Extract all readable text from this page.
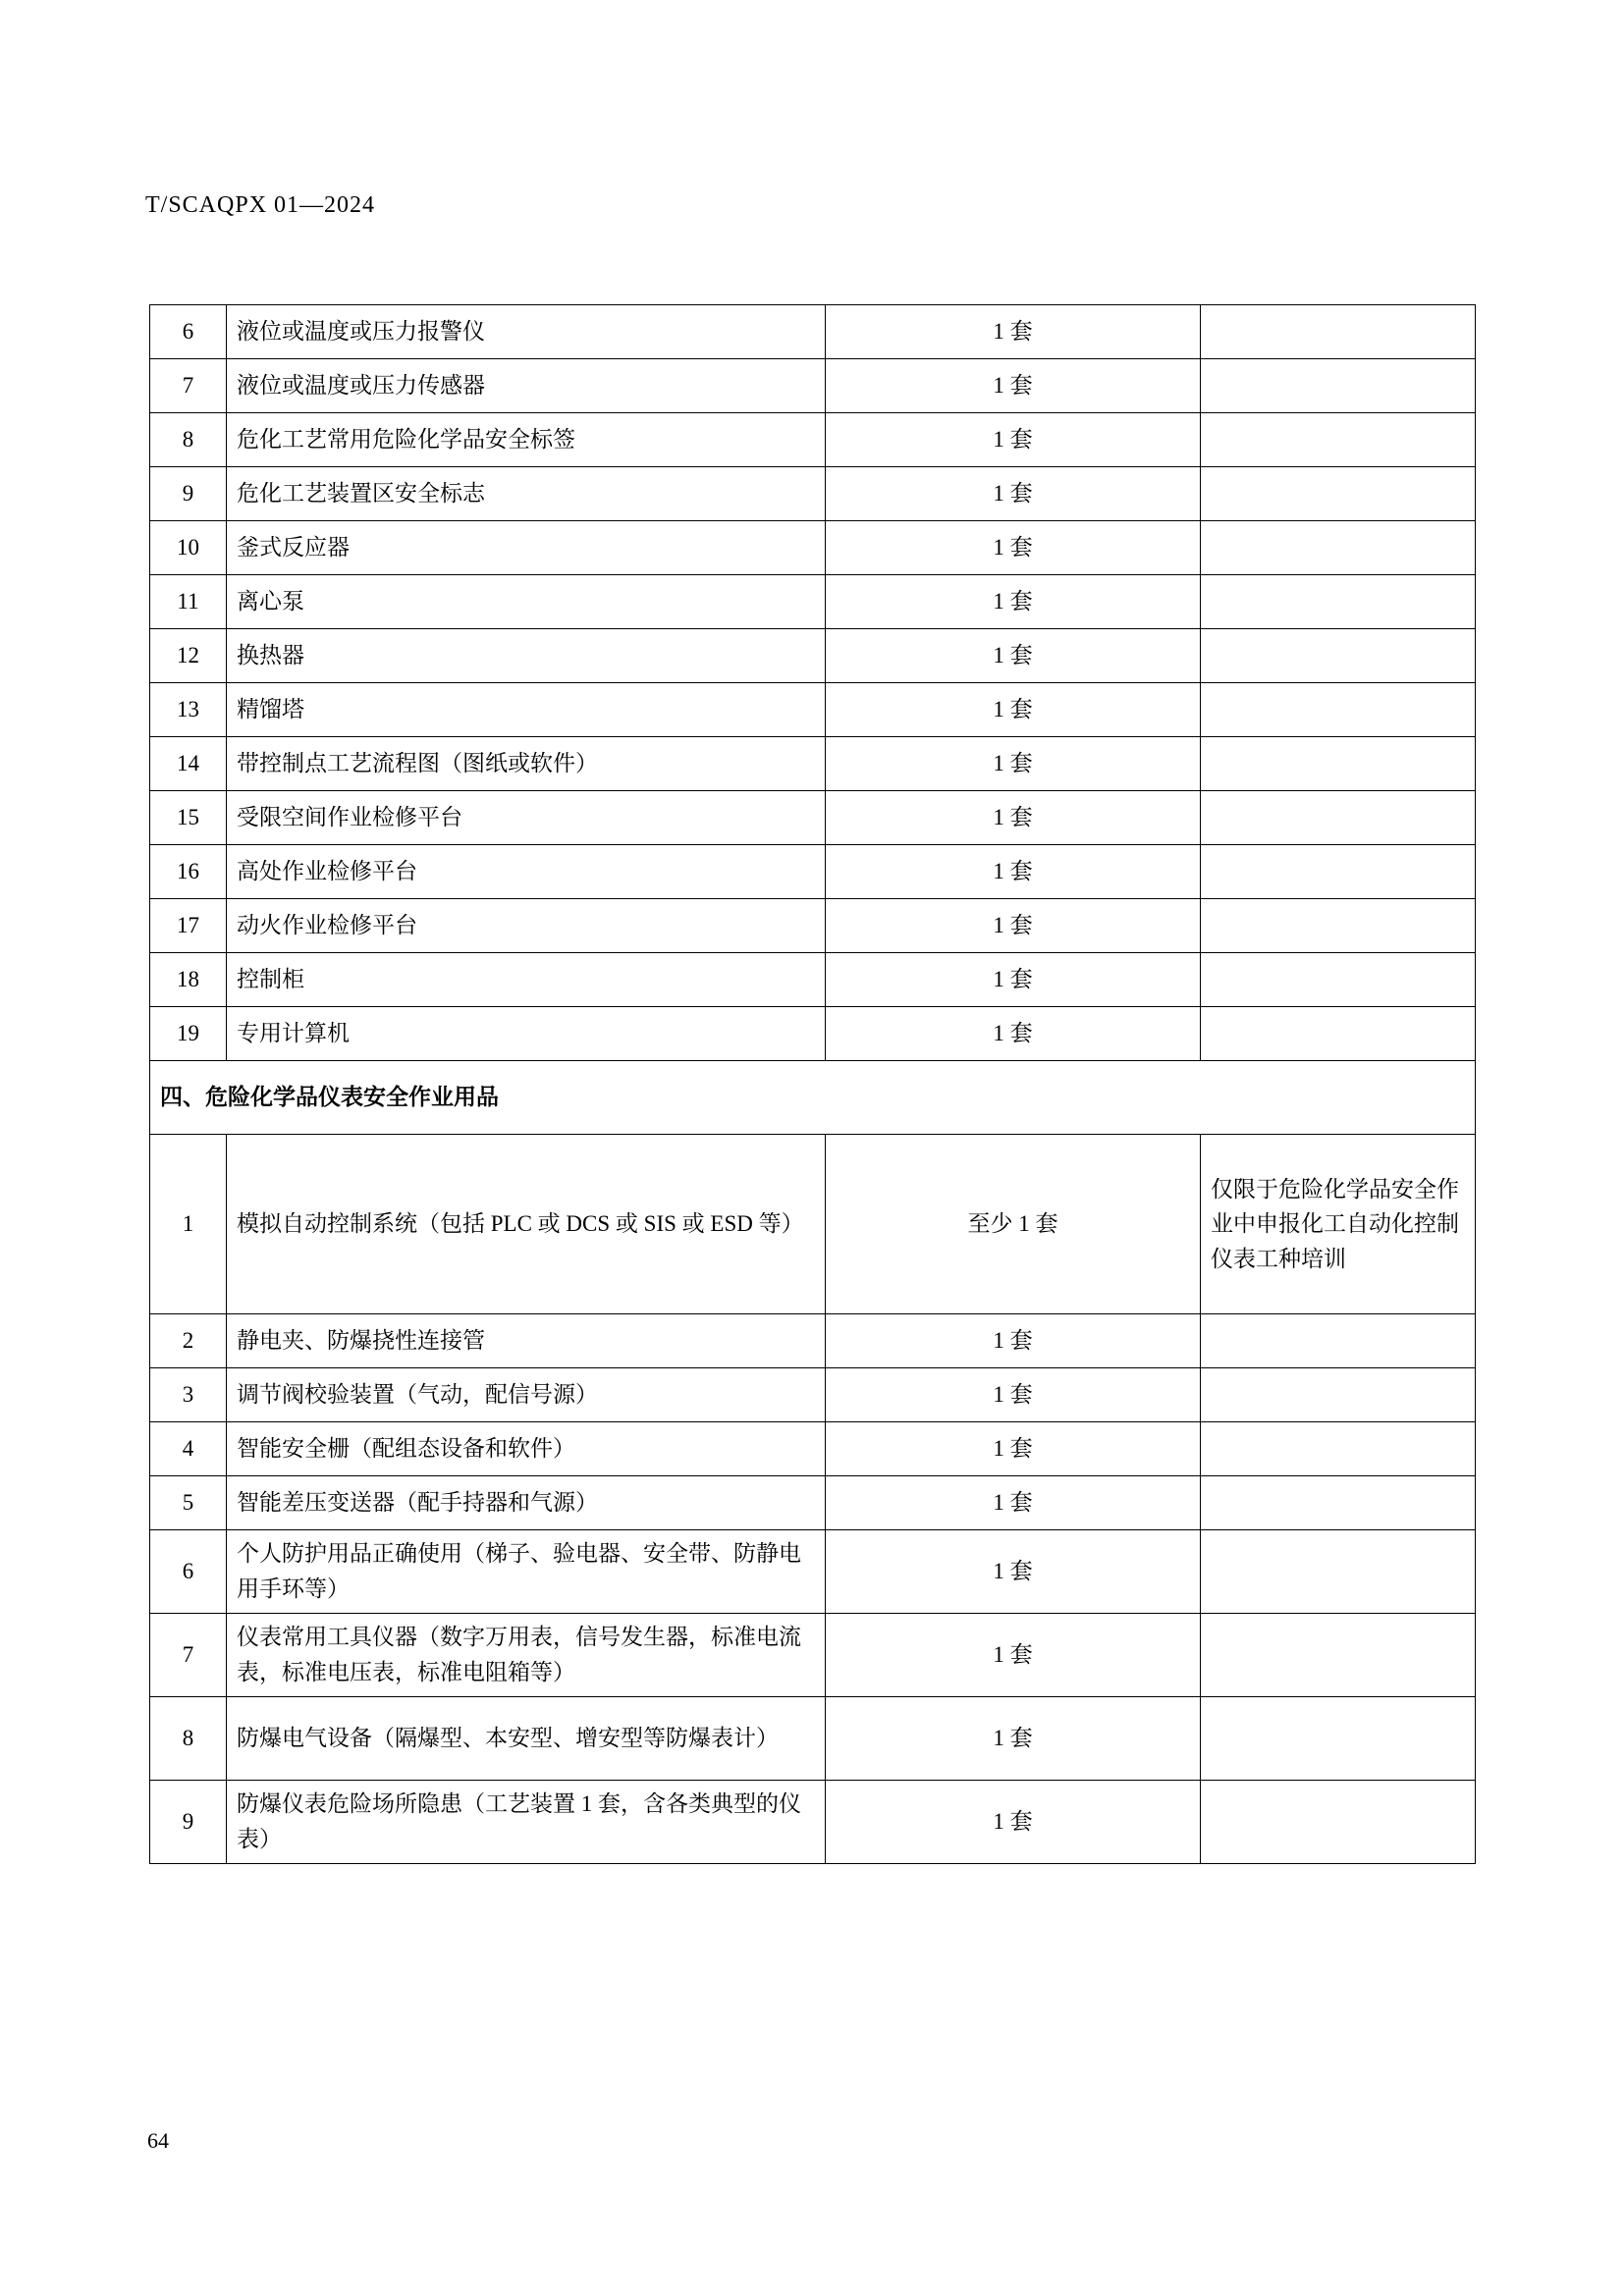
T/SCAQPX 01—2024
6	液位或温度或压力报警仪	1 套	
7	液位或温度或压力传感器	1 套	
8	危化工艺常用危险化学品安全标签	1 套	
9	危化工艺装置区安全标志	1 套	
10	釜式反应器	1 套	
11	离心泵	1 套	
12	换热器	1 套	
13	精馏塔	1 套	
14	带控制点工艺流程图（图纸或软件）	1 套	
15	受限空间作业检修平台	1 套	
16	高处作业检修平台	1 套	
17	动火作业检修平台	1 套	
18	控制柜	1 套	
19	专用计算机	1 套	
四、危险化学品仪表安全作业用品			
1	模拟自动控制系统（包括 PLC 或 DCS 或 SIS 或 ESD 等）	至少 1 套	仅限于危险化学品安全作业中申报化工自动化控制仪表工种培训
2	静电夹、防爆挠性连接管	1 套	
3	调节阀校验装置（气动，配信号源）	1 套	
4	智能安全栅（配组态设备和软件）	1 套	
5	智能差压变送器（配手持器和气源）	1 套	
6	个人防护用品正确使用（梯子、验电器、安全带、防静电用手环等）	1 套	
7	仪表常用工具仪器（数字万用表，信号发生器，标准电流表，标准电压表，标准电阻箱等）	1 套	
8	防爆电气设备（隔爆型、本安型、增安型等防爆表计）	1 套	
9	防爆仪表危险场所隐患（工艺装置 1 套，含各类典型的仪表）	1 套	
64
